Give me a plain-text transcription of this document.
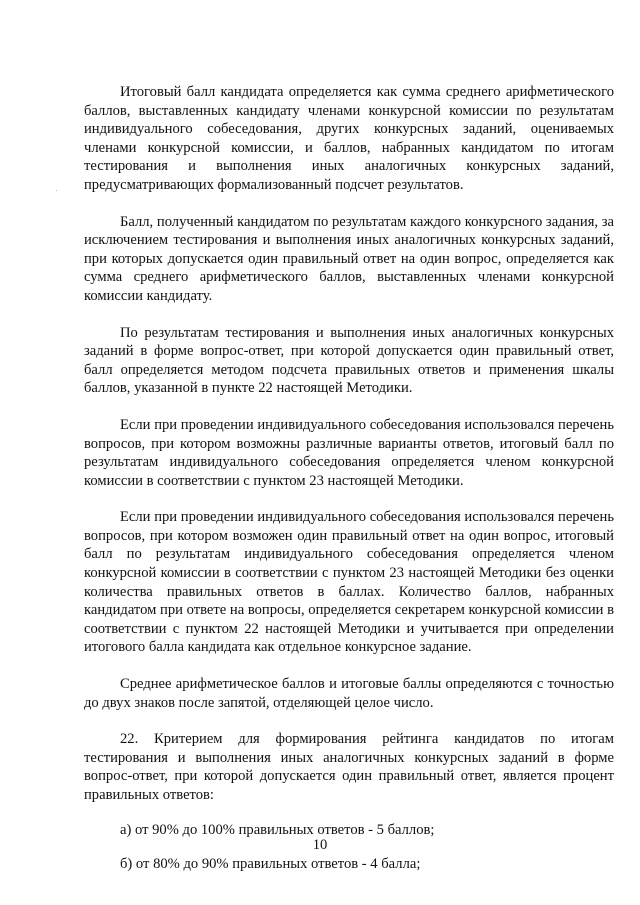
Итоговый балл кандидата определяется как сумма среднего арифметического баллов, выставленных кандидату членами конкурсной комиссии по результатам индивидуального собеседования, других конкурсных заданий, оцениваемых членами конкурсной комиссии, и баллов, набранных кандидатом по итогам тестирования и выполнения иных аналогичных конкурсных заданий, предусматривающих формализованный подсчет результатов.

Балл, полученный кандидатом по результатам каждого конкурсного задания, за исключением тестирования и выполнения иных аналогичных конкурсных заданий, при которых допускается один правильный ответ на один вопрос, определяется как сумма среднего арифметического баллов, выставленных членами конкурсной комиссии кандидату.

По результатам тестирования и выполнения иных аналогичных конкурсных заданий в форме вопрос-ответ, при которой допускается один правильный ответ, балл определяется методом подсчета правильных ответов и применения шкалы баллов, указанной в пункте 22 настоящей Методики.

Если при проведении индивидуального собеседования использовался перечень вопросов, при котором возможны различные варианты ответов, итоговый балл по результатам индивидуального собеседования определяется членом конкурсной комиссии в соответствии с пунктом 23 настоящей Методики.

Если при проведении индивидуального собеседования использовался перечень вопросов, при котором возможен один правильный ответ на один вопрос, итоговый балл по результатам индивидуального собеседования определяется членом конкурсной комиссии в соответствии с пунктом 23 настоящей Методики без оценки количества правильных ответов в баллах. Количество баллов, набранных кандидатом при ответе на вопросы, определяется секретарем конкурсной комиссии в соответствии с пунктом 22 настоящей Методики и учитывается при определении итогового балла кандидата как отдельное конкурсное задание.

Среднее арифметическое баллов и итоговые баллы определяются с точностью до двух знаков после запятой, отделяющей целое число.

22. Критерием для формирования рейтинга кандидатов по итогам тестирования и выполнения иных аналогичных конкурсных заданий в форме вопрос-ответ, при которой допускается один правильный ответ, является процент правильных ответов:

а) от 90% до 100% правильных ответов - 5 баллов;

б) от 80% до 90% правильных ответов - 4 балла;

10
